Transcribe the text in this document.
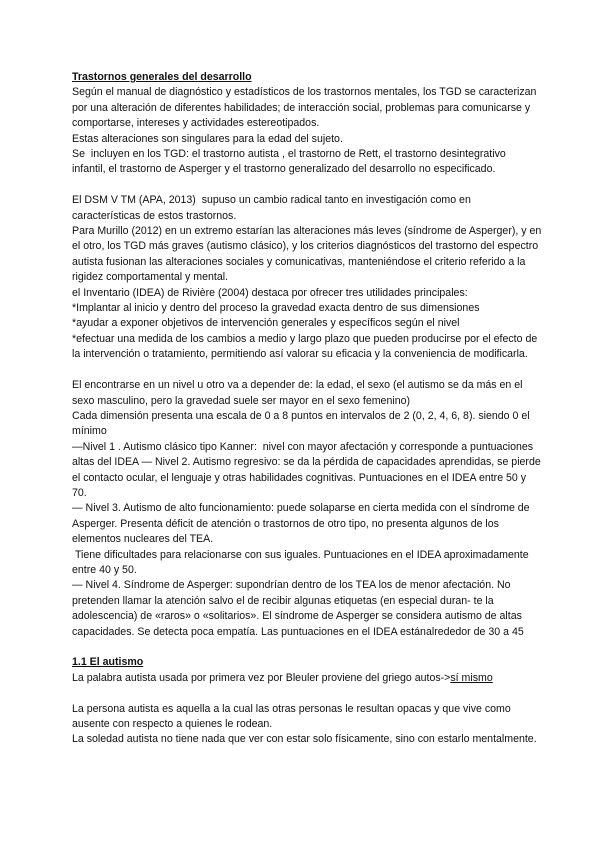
Trastornos generales del desarrollo

Según el manual de diagnóstico y estadísticos de los trastornos mentales, los TGD se caracterizan por una alteración de diferentes habilidades; de interacción social, problemas para comunicarse y comportarse, intereses y actividades estereotipados.

Estas alteraciones son singulares para la edad del sujeto.

Se  incluyen en los TGD: el trastorno autista , el trastorno de Rett, el trastorno desintegrativo infantil, el trastorno de Asperger y el trastorno generalizado del desarrollo no especificado.

El DSM V TM (APA, 2013)  supuso un cambio radical tanto en investigación como en características de estos trastornos.

Para Murillo (2012) en un extremo estarían las alteraciones más leves (síndrome de Asperger), y en el otro, los TGD más graves (autismo clásico), y los criterios diagnósticos del trastorno del espectro autista fusionan las alteraciones sociales y comunicativas, manteniéndose el criterio referido a la rigidez comportamental y mental.

el Inventario (IDEA) de Rivière (2004) destaca por ofrecer tres utilidades principales:

*Implantar al inicio y dentro del proceso la gravedad exacta dentro de sus dimensiones

*ayudar a exponer objetivos de intervención generales y específicos según el nivel

*efectuar una medida de los cambios a medio y largo plazo que pueden producirse por el efecto de la intervención o tratamiento, permitiendo así valorar su eficacia y la conveniencia de modificarla.

El encontrarse en un nivel u otro va a depender de: la edad, el sexo (el autismo se da más en el sexo masculino, pero la gravedad suele ser mayor en el sexo femenino)

Cada dimensión presenta una escala de 0 a 8 puntos en intervalos de 2 (0, 2, 4, 6, 8). siendo 0 el mínimo

—Nivel 1 . Autismo clásico tipo Kanner:  nivel con mayor afectación y corresponde a puntuaciones altas del IDEA — Nivel 2. Autismo regresivo: se da la pérdida de capacidades aprendidas, se pierde el contacto ocular, el lenguaje y otras habilidades cognitivas. Puntuaciones en el IDEA entre 50 y 70.

— Nivel 3. Autismo de alto funcionamiento: puede solaparse en cierta medida con el síndrome de Asperger. Presenta déficit de atención o trastornos de otro tipo, no presenta algunos de los elementos nucleares del TEA.

Tiene dificultades para relacionarse con sus iguales. Puntuaciones en el IDEA aproximadamente entre 40 y 50.

— Nivel 4. Síndrome de Asperger: supondrían dentro de los TEA los de menor afectación. No pretenden llamar la atención salvo el de recibir algunas etiquetas (en especial duran- te la adolescencia) de «raros» o «solitarios». El síndrome de Asperger se considera autismo de altas capacidades. Se detecta poca empatía. Las puntuaciones en el IDEA estánalrededor de 30 a 45

1.1 El autismo

La palabra autista usada por primera vez por Bleuler proviene del griego autos->sí mismo

La persona autista es aquella a la cual las otras personas le resultan opacas y que vive como ausente con respecto a quienes le rodean.

La soledad autista no tiene nada que ver con estar solo físicamente, sino con estarlo mentalmente.
